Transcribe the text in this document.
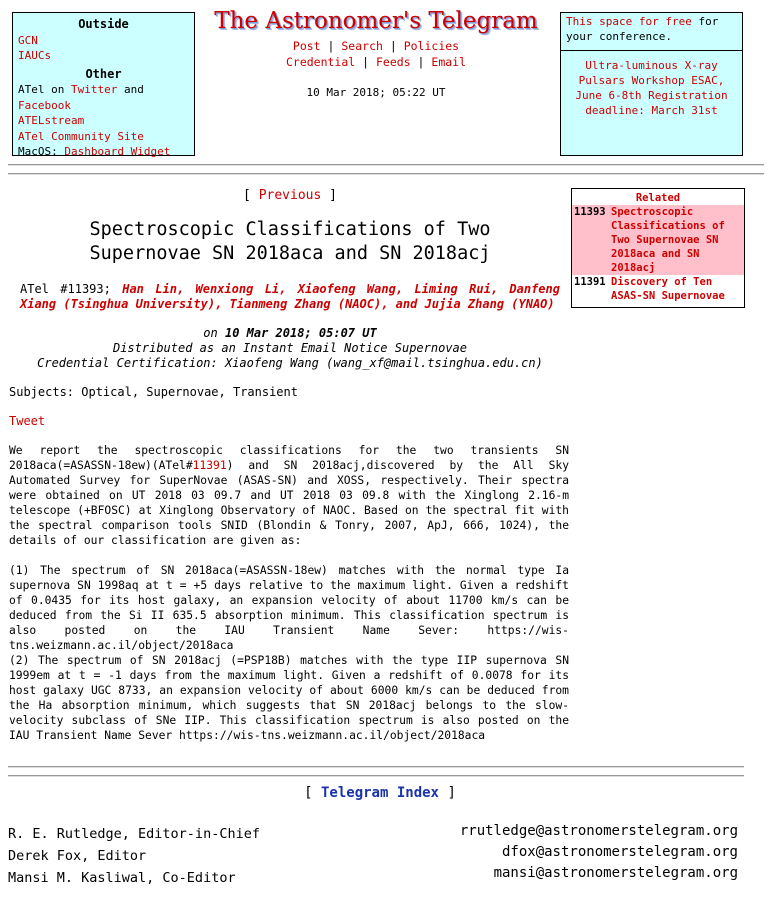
Outside
GCN
IAUCs
Other
ATel on Twitter and Facebook
ATELstream
ATel Community Site
MacOS: Dashboard Widget
The Astronomer's Telegram
Post | Search | Policies
Credential | Feeds | Email
10 Mar 2018; 05:22 UT
This space for free for your conference.
Ultra-luminous X-ray Pulsars Workshop ESAC, June 6-8th Registration deadline: March 31st
Related
11393 Spectroscopic Classifications of Two Supernovae SN 2018aca and SN 2018acj
11391 Discovery of Ten ASAS-SN Supernovae
[ Previous ]
Spectroscopic Classifications of Two Supernovae SN 2018aca and SN 2018acj
ATel #11393; Han Lin, Wenxiong Li, Xiaofeng Wang, Liming Rui, Danfeng Xiang (Tsinghua University), Tianmeng Zhang (NAOC), and Jujia Zhang (YNAO)
on 10 Mar 2018; 05:07 UT
Distributed as an Instant Email Notice Supernovae
Credential Certification: Xiaofeng Wang (wang_xf@mail.tsinghua.edu.cn)
Subjects: Optical, Supernovae, Transient
Tweet

We report the spectroscopic classifications for the two transients SN 2018aca(=ASASSN-18ew)(ATel#11391) and SN 2018acj,discovered by the All Sky Automated Survey for SuperNovae (ASAS-SN) and XOSS, respectively. Their spectra were obtained on UT 2018 03 09.7 and UT 2018 03 09.8 with the Xinglong 2.16-m telescope (+BFOSC) at Xinglong Observatory of NAOC. Based on the spectral fit with the spectral comparison tools SNID (Blondin & Tonry, 2007, ApJ, 666, 1024), the details of our classification are given as:

(1) The spectrum of SN 2018aca(=ASASSN-18ew) matches with the normal type Ia supernova SN 1998aq at t = +5 days relative to the maximum light. Given a redshift of 0.0435 for its host galaxy, an expansion velocity of about 11700 km/s can be deduced from the Si II 635.5 absorption minimum. This classification spectrum is also posted on the IAU Transient Name Sever: https://wis-tns.weizmann.ac.il/object/2018aca

(2) The spectrum of SN 2018acj (=PSP18B) matches with the type IIP supernova SN 1999em at t = -1 days from the maximum light. Given a redshift of 0.0078 for its host galaxy UGC 8733, an expansion velocity of about 6000 km/s can be deduced from the Ha absorption minimum, which suggests that SN 2018acj belongs to the slow-velocity subclass of SNe IIP. This classification spectrum is also posted on the IAU Transient Name Sever https://wis-tns.weizmann.ac.il/object/2018aca

[ Telegram Index ]
R. E. Rutledge, Editor-in-Chief
Derek Fox, Editor
Mansi M. Kasliwal, Co-Editor
rrutledge@astronomerstelegram.org
dfox@astronomerstelegram.org
mansi@astronomerstelegram.org
